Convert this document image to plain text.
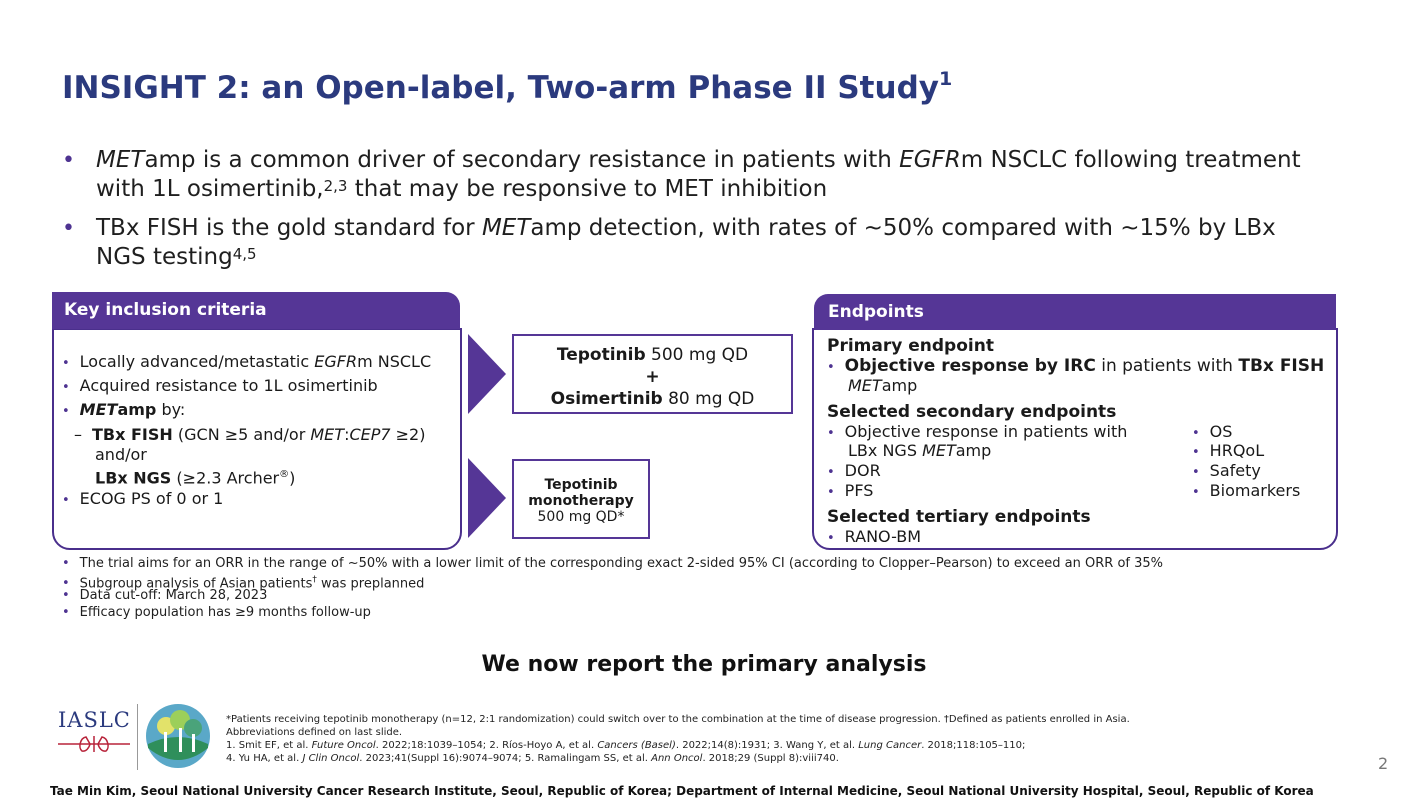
INSIGHT 2: an Open-label, Two-arm Phase II Study$^1$
• METamp is a common driver of secondary resistance in patients with EGFRm NSCLC following treatment
with 1L osimertinib,$^{2,3}$ that may be responsive to MET inhibition
• TBx FISH is the gold standard for METamp detection, with rates of ~50% compared with ~15% by LBx
NGS testing$^{4,5}$
Key inclusion criteria
• Locally advanced/metastatic EGFRm NSCLC
• Acquired resistance to 1L osimertinib
• METamp by:
– TBx FISH (GCN ≥5 and/or MET:CEP7 ≥2)
and/or
LBx NGS (≥2.3 Archer®)
• ECOG PS of 0 or 1
Tepotinib 500 mg QD
+
Osimertinib 80 mg QD
Tepotinib
monotherapy
500 mg QD*
Endpoints
Primary endpoint
• Objective response by IRC in patients with TBx FISH
METamp
Selected secondary endpoints
• Objective response in patients with
LBx NGS METamp
• DOR
• PFS
• OS
• HRQoL
• Safety
• Biomarkers
Selected tertiary endpoints
• RANO-BM
• The trial aims for an ORR in the range of ~50% with a lower limit of the corresponding exact 2-sided 95% CI (according to Clopper–Pearson) to exceed an ORR of 35%
• Subgroup analysis of Asian patients† was preplanned
• Data cut-off: March 28, 2023
• Efficacy population has ≥9 months follow-up
We now report the primary analysis
IASLC	*Patients receiving tepotinib monotherapy (n=12, 2:1 randomization) could switch over to the combination at the time of disease progression. †Defined as patients enrolled in Asia.
Abbreviations defined on last slide.
1. Smit EF, et al. Future Oncol. 2022;18:1039–1054; 2. Ríos-Hoyo A, et al. Cancers (Basel). 2022;14(8):1931; 3. Wang Y, et al. Lung Cancer. 2018;118:105–110;
4. Yu HA, et al. J Clin Oncol. 2023;41(Suppl 16):9074–9074; 5. Ramalingam SS, et al. Ann Oncol. 2018;29 (Suppl 8):viii740.	2
Tae Min Kim, Seoul National University Cancer Research Institute, Seoul, Republic of Korea; Department of Internal Medicine, Seoul National University Hospital, Seoul, Republic of Korea
